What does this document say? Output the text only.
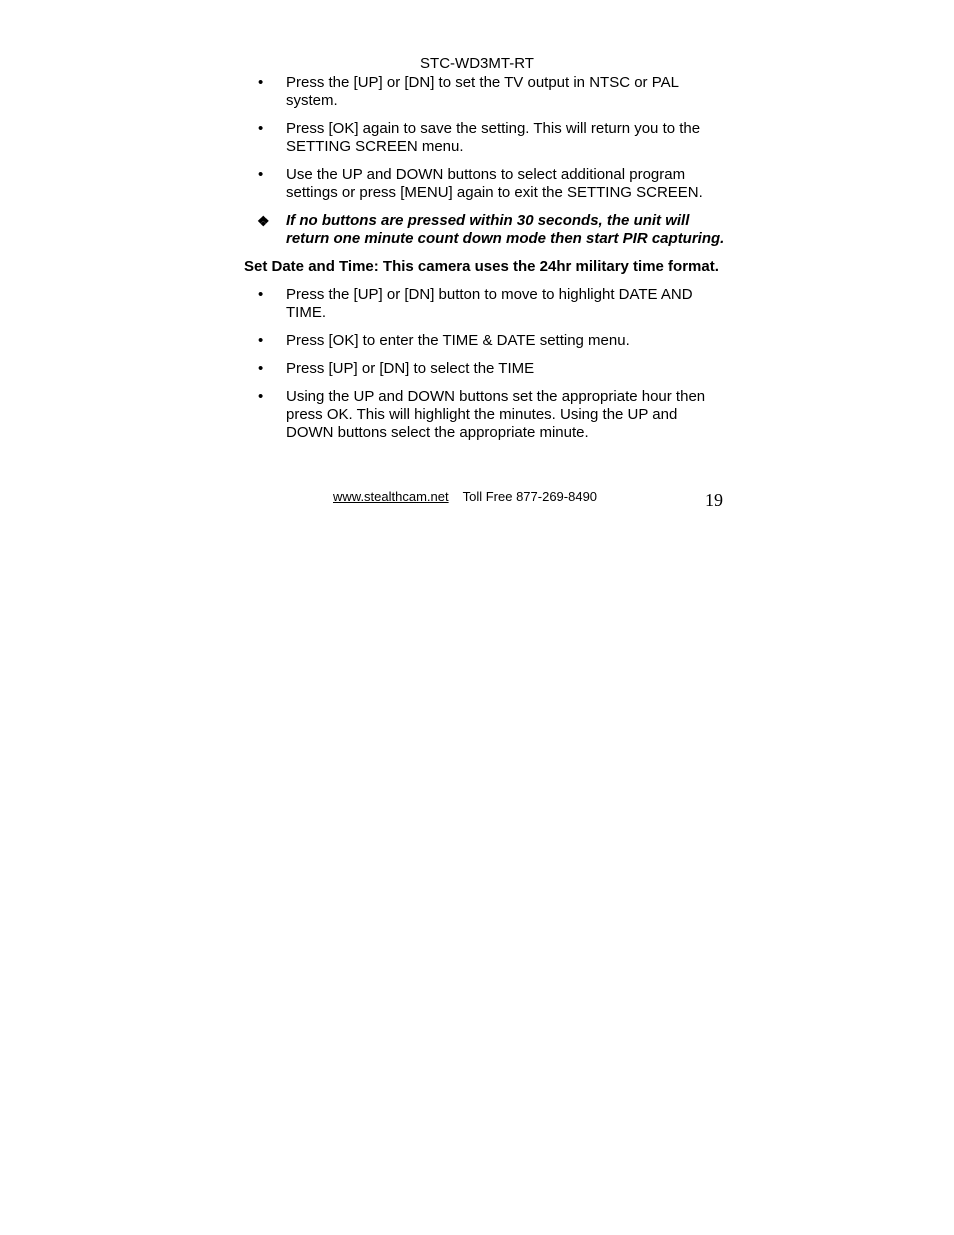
STC-WD3MT-RT
•	Press the [UP] or [DN] to set the TV output in NTSC or PAL system.
•	Press [OK] again to save the setting. This will return you to the SETTING SCREEN menu.
•	Use the UP and DOWN buttons to select additional program settings or press [MENU] again to exit the SETTING SCREEN.
❖	If no buttons are pressed within 30 seconds, the unit will return one minute count down mode then start PIR capturing.
Set Date and Time: This camera uses the 24hr military time format.
•	Press the [UP] or [DN] button to move to highlight DATE AND TIME.
•	Press [OK] to enter the TIME & DATE setting menu.
•	Press [UP] or [DN] to select the TIME
•	Using the UP and DOWN buttons set the appropriate hour then press OK. This will highlight the minutes. Using the UP and DOWN buttons select the appropriate minute.
www.stealthcam.net Toll Free 877-269-8490	19
